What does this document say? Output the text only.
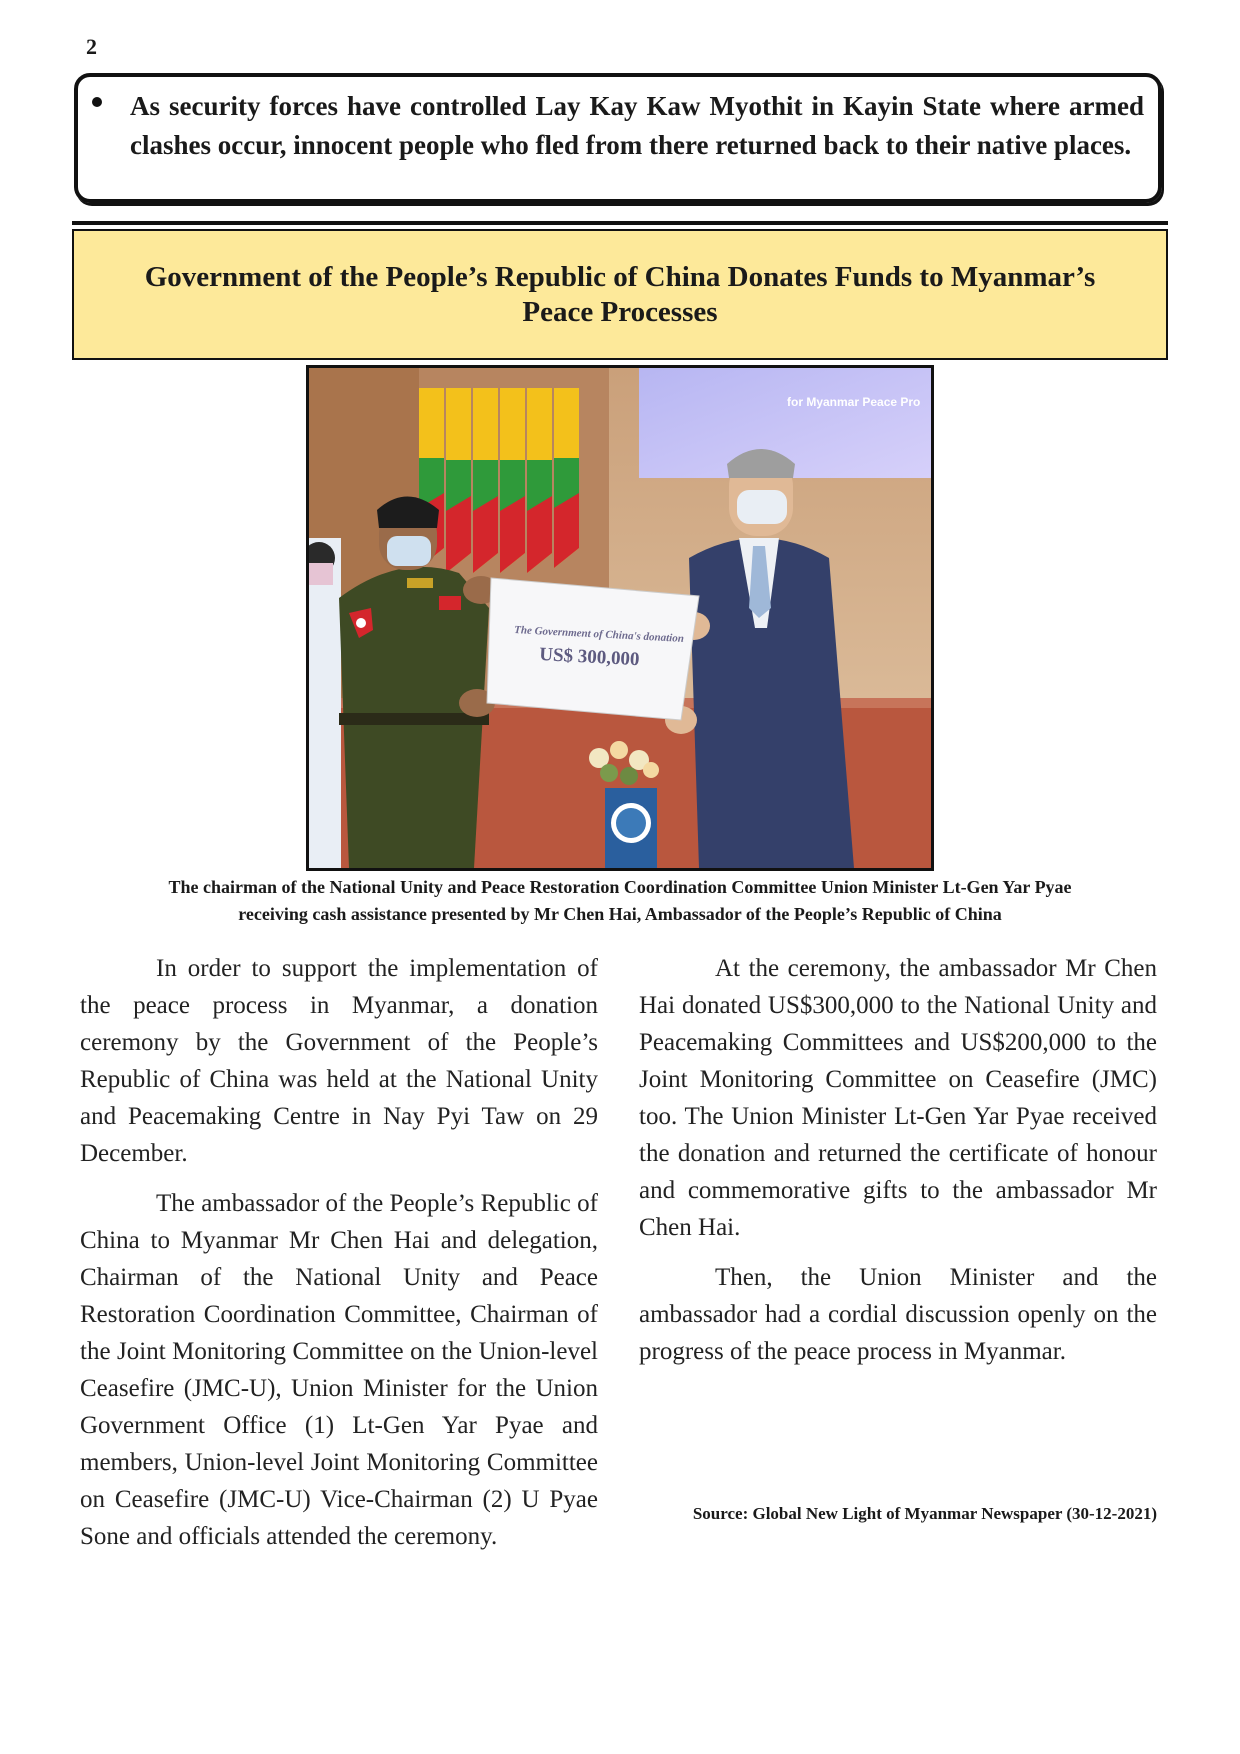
2
As security forces have controlled Lay Kay Kaw Myothit in Kayin State where armed clashes occur, innocent people who fled from there returned back to their native places.
Government of the People’s Republic of China Donates Funds to Myanmar’s
Peace Processes
for Myanmar Peace Pro
The Government of China's donation
US$ 300,000
The chairman of the National Unity and Peace Restoration Coordination Committee Union Minister Lt-Gen Yar Pyae
receiving cash assistance presented by Mr Chen Hai, Ambassador of the People’s Republic of China

In order to support the implementation of the peace process in Myanmar, a donation ceremony by the Government of the People’s Republic of China was held at the National Unity and Peacemaking Centre in Nay Pyi Taw on 29 December.

The ambassador of the People’s Republic of China to Myanmar Mr Chen Hai and delegation, Chairman of the National Unity and Peace Restoration Coordination Committee, Chairman of the Joint Monitoring Committee on the Union-level Ceasefire (JMC-U), Union Minister for the Union Government Office (1) Lt-Gen Yar Pyae and members, Union-level Joint Monitoring Committee on Ceasefire (JMC-U) Vice-Chairman (2) U Pyae Sone and officials attended the ceremony.

At the ceremony, the ambassador Mr Chen Hai donated US$300,000 to the National Unity and Peacemaking Committees and US$200,000 to the Joint Monitoring Committee on Ceasefire (JMC) too. The Union Minister Lt-Gen Yar Pyae received the donation and returned the certificate of honour and commemorative gifts to the ambassador Mr Chen Hai.

Then, the Union Minister and the ambassador had a cordial discussion openly on the progress of the peace process in Myanmar.

Source: Global New Light of Myanmar Newspaper (30-12-2021)
